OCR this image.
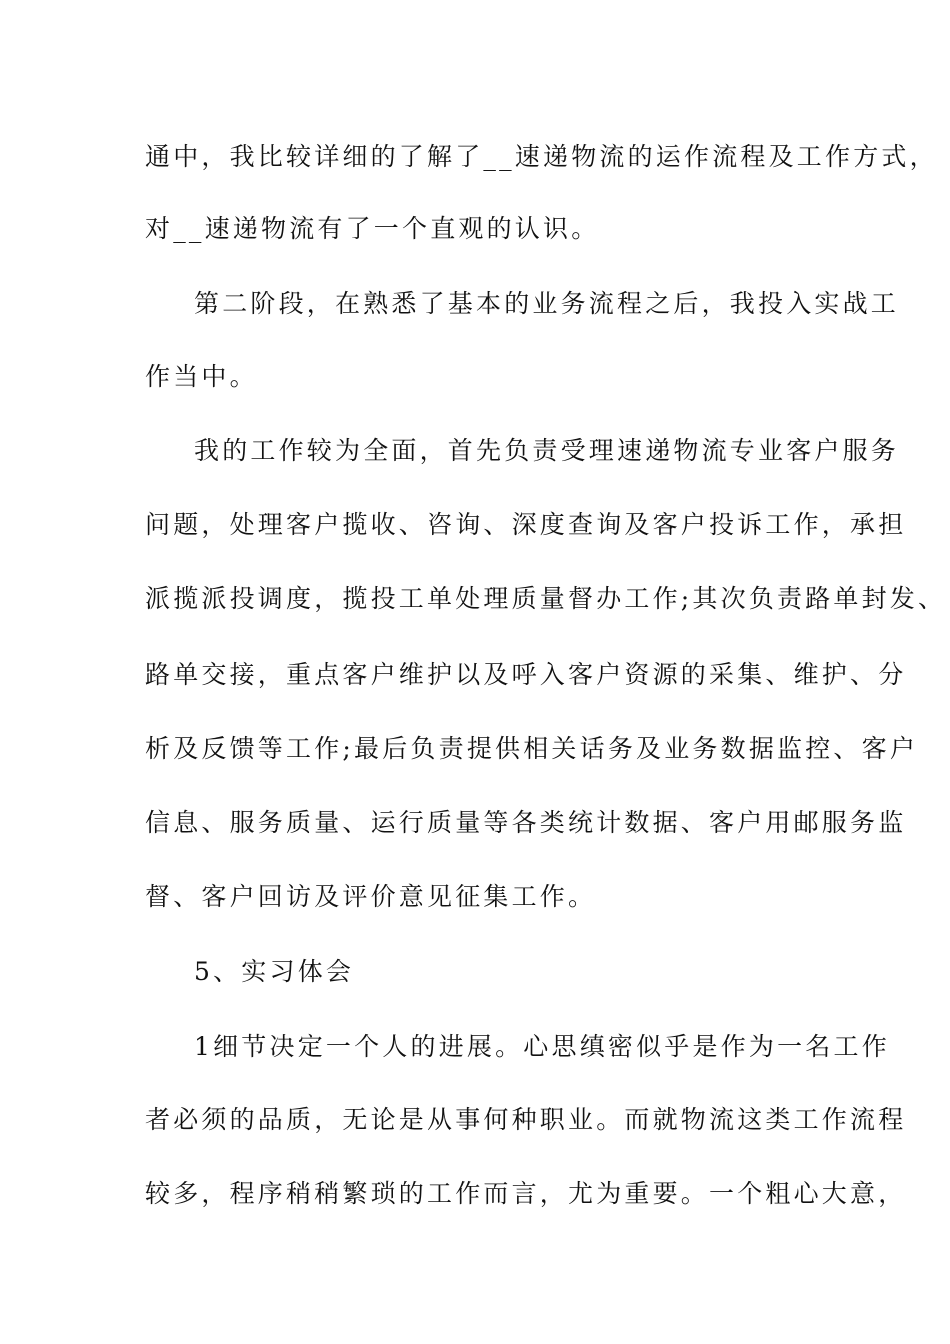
通中，我比较详细的了解了__速递物流的运作流程及工作方式，
对__速递物流有了一个直观的认识。
第二阶段，在熟悉了基本的业务流程之后，我投入实战工
作当中。
我的工作较为全面，首先负责受理速递物流专业客户服务
问题，处理客户揽收、咨询、深度查询及客户投诉工作，承担
派揽派投调度，揽投工单处理质量督办工作;其次负责路单封发、
路单交接，重点客户维护以及呼入客户资源的采集、维护、分
析及反馈等工作;最后负责提供相关话务及业务数据监控、客户
信息、服务质量、运行质量等各类统计数据、客户用邮服务监
督、客户回访及评价意见征集工作。
5、实习体会
1细节决定一个人的进展。心思缜密似乎是作为一名工作
者必须的品质，无论是从事何种职业。而就物流这类工作流程
较多，程序稍稍繁琐的工作而言，尤为重要。一个粗心大意，
